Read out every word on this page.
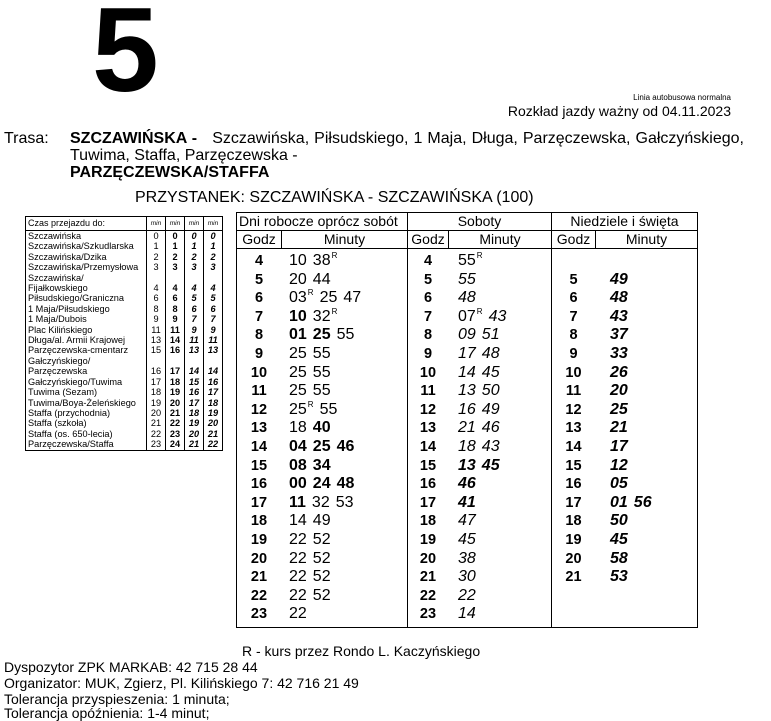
5	Linia autobusowa normalna
Rozkład jazdy ważny od 04.11.2023
Trasa: SZCZAWIŃSKA - Szczawińska, Piłsudskiego, 1 Maja, Długa, Parzęczewska, Gałczyńskiego, Tuwima, Staffa, Parzęczewska -
PARZĘCZEWSKA/STAFFA
PRZYSTANEK: SZCZAWIŃSKA - SZCZAWIŃSKA (100)
Czas przejazdu do:	min	min	min	min
Szczawińska	0	0	0	0
Szczawińska/Szkudlarska	1	1	1	1
Szczawińska/Dzika	2	2	2	2
Szczawińska/Przemysłowa	3	3	3	3
Szczawińska/				
Fijałkowskiego	4	4	4	4
Piłsudskiego/Graniczna	6	6	5	5
1 Maja/Piłsudskiego	8	8	6	6
1 Maja/Dubois	9	9	7	7
Plac Kilińskiego	11	11	9	9
Długa/al. Armii Krajowej	13	14	11	11
Parzęczewska-cmentarz	15	16	13	13
Gałczyńskiego/				
Parzęczewska	16	17	14	14
Gałczyńskiego/Tuwima	17	18	15	16
Tuwima (Sezam)	18	19	16	17
Tuwima/Boya-Żeleńskiego	19	20	17	18
Staffa (przychodnia)	20	21	18	19
Staffa (szkoła)	21	22	19	20
Staffa (os. 650-lecia)	22	23	20	21
Parzęczewska/Staffa	23	24	21	22
Dni robocze oprócz sobót
Godz	Minuty
4	10 $38^R$
5	20 44
6	$03^R$ 25 47
7	10 $32^R$
8	01 25 55
9	25 55
10	25 55
11	25 55
12	$25^R$ 55
13	18 40
14	04 25 46
15	08 34
16	00 24 48
17	11 32 53
18	14 49
19	22 52
20	22 52
21	22 52
22	22 52
23	22
Soboty
Godz	Minuty
4	$55^R$
5	55
6	48
7	$07^R$ 43
8	09 51
9	17 48
10	14 45
11	13 50
12	16 49
13	21 46
14	18 43
15	13 45
16	46
17	41
18	47
19	45
20	38
21	30
22	22
23	14
Niedziele i święta
Godz	Minuty
5	49
6	48
7	43
8	37
9	33
10	26
11	20
12	25
13	21
14	17
15	12
16	05
17	01 56
18	50
19	45
20	58
21	53
R - kurs przez Rondo L. Kaczyńskiego
Dyspozytor ZPK MARKAB: 42 715 28 44
Organizator: MUK, Zgierz, Pl. Kilińskiego 7: 42 716 21 49
Tolerancja przyspieszenia: 1 minuta;
Tolerancja opóźnienia: 1-4 minut;
